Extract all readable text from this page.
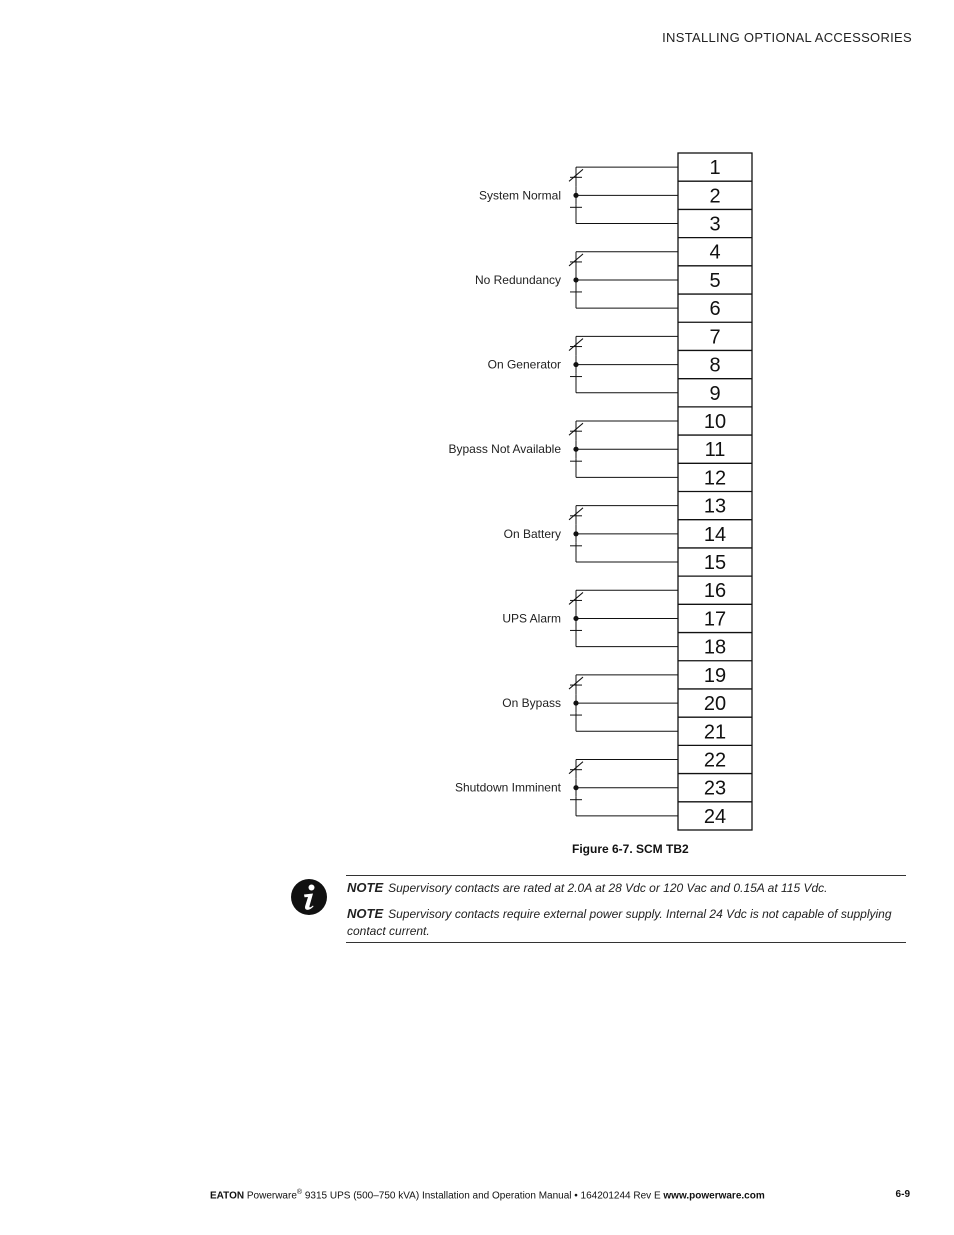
INSTALLING OPTIONAL ACCESSORIES
1
2
3
4
5
6
7
8
9
10
11
12
13
14
15
16
17
18
19
20
21
22
23
24
System Normal
No Redundancy
On Generator
Bypass Not Available
On Battery
UPS Alarm
On Bypass
Shutdown Imminent
Figure 6-7. SCM TB2
NOTE Supervisory contacts are rated at 2.0A at 28 Vdc or 120 Vac and 0.15A at 115 Vdc.
NOTE Supervisory contacts require external power supply. Internal 24 Vdc is not capable of supplying contact current.
EATON Powerware® 9315 UPS (500–750 kVA) Installation and Operation Manual • 164201244 Rev E www.powerware.com	6-9
